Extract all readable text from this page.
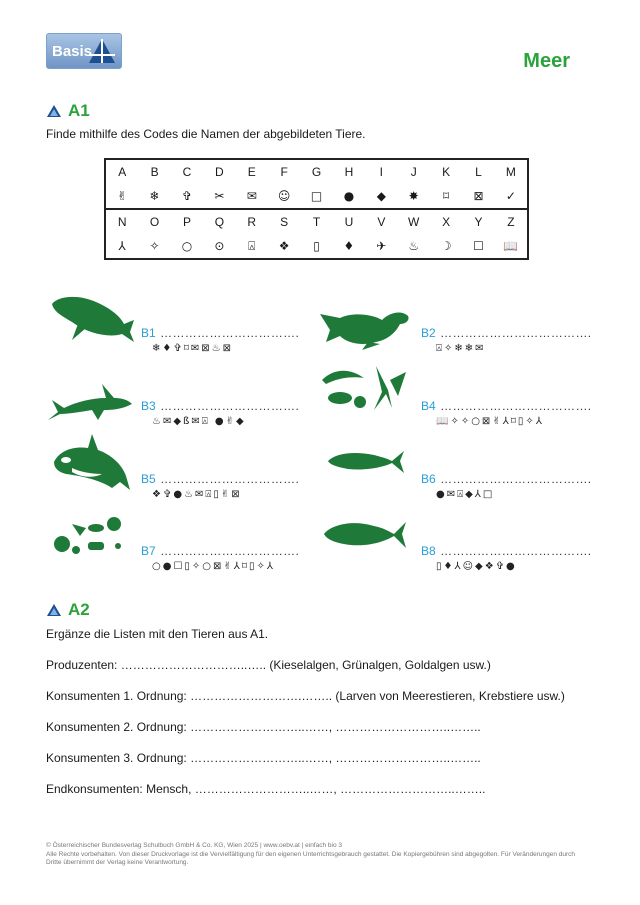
Basis	Meer
A1
Finde mithilfe des Codes die Namen der abgebildeten Tiere.
A	B	C	D	E	F	G	H	I	J	K	L	M
✌	❄	✞	✂	✉	☺	□	●	◆	✸	⌑	⊠	✓
N	O	P	Q	R	S	T	U	V	W	X	Y	Z
⅄	✧	○	⊙	⍓	❖	▯	♦	✈	♨	☽	☐	📖
B1 …………………………….
❄♦✞⌑✉⊠♨⊠
B2 ……………………………….
⍓✧❄❄✉
B3 …………………………….
♨✉◆ß✉⍓ ●✌◆
B4 ……………………………….
📖✧✧○⊠✌⅄⌑▯✧⅄
B5 …………………………….
❖✞●♨✉⍓▯✌⊠
B6 ……………………………….
●✉⍓◆⅄□
B7 …………………………….
○●☐▯✧○⊠✌⅄⌑▯✧⅄
B8 ……………………………….
▯♦⅄☺◆❖✞●
A2
Ergänze die Listen mit den Tieren aus A1.
Produzenten: …………………………..….. (Kieselalgen, Grünalgen, Goldalgen usw.)
Konsumenten 1. Ordnung: ……………………….…….. (Larven von Meerestieren, Krebstiere usw.)
Konsumenten 2. Ordnung: ………………………..……, ………………………..……..
Konsumenten 3. Ordnung: ………………………..……, ………………………..……..
Endkonsumenten: Mensch, ………………………..……, ………………………..……..
© Österreichischer Bundesverlag Schulbuch GmbH & Co. KG, Wien 2025 | www.oebv.at | einfach bio 3
Alle Rechte vorbehalten. Von dieser Druckvorlage ist die Vervielfältigung für den eigenen Unterrichtsgebrauch gestattet. Die Kopiergebühren sind abgegolten. Für Veränderungen durch
Dritte übernimmt der Verlag keine Verantwortung.
